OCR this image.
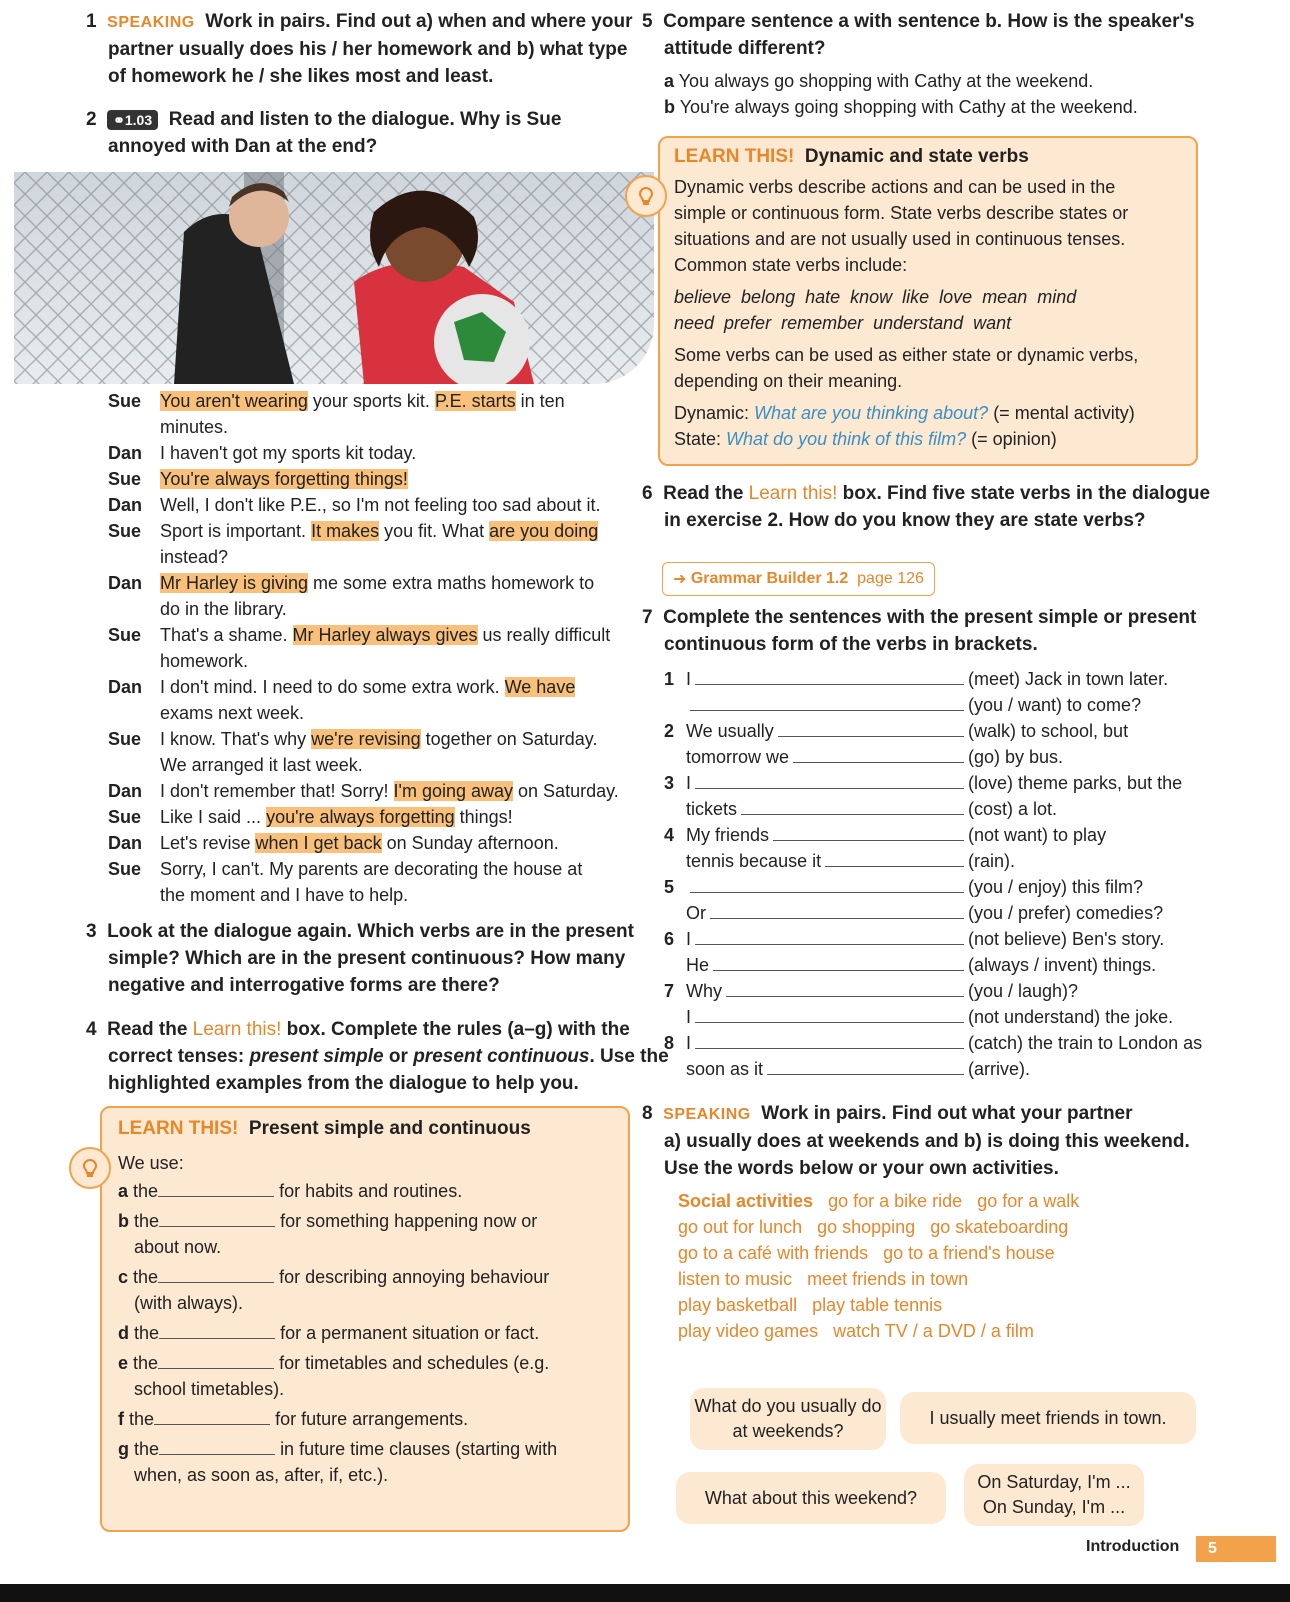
1 SPEAKING Work in pairs. Find out a) when and where your
partner usually does his / her homework and b) what type
of homework he / she likes most and least.
2 ⚭1.03 Read and listen to the dialogue. Why is Sue
annoyed with Dan at the end?
Sue	You aren't wearing your sports kit. P.E. starts in ten
minutes.
Dan I haven't got my sports kit today.
Sue	You're always forgetting things!
Dan Well, I don't like P.E., so I'm not feeling too sad about it.
Sue	Sport is important. It makes you fit. What are you doing
instead?
Dan Mr Harley is giving me some extra maths homework to
do in the library.
Sue	That's a shame. Mr Harley always gives us really difficult
homework.
Dan I don't mind. I need to do some extra work. We have
exams next week.
Sue	I know. That's why we're revising together on Saturday.
We arranged it last week.
Dan I don't remember that! Sorry! I'm going away on Saturday.
Sue	Like I said ... you're always forgetting things!
Dan Let's revise when I get back on Sunday afternoon.
Sue	Sorry, I can't. My parents are decorating the house at
the moment and I have to help.
3 Look at the dialogue again. Which verbs are in the present
simple? Which are in the present continuous? How many
negative and interrogative forms are there?
4 Read the Learn this! box. Complete the rules (a–g) with the
correct tenses: present simple or present continuous. Use the
highlighted examples from the dialogue to help you.
LEARN THIS! Present simple and continuous
We use:
a the	for habits and routines.
b the	for something happening now or
about now.
c the	for describing annoying behaviour
(with always).
d the	for a permanent situation or fact.
e the	for timetables and schedules (e.g.
school timetables).
f the	for future arrangements.
g the	in future time clauses (starting with
when, as soon as, after, if, etc.).
5 Compare sentence a with sentence b. How is the speaker's
attitude different?
a You always go shopping with Cathy at the weekend.
b You're always going shopping with Cathy at the weekend.
LEARN THIS! Dynamic and state verbs
Dynamic verbs describe actions and can be used in the
simple or continuous form. State verbs describe states or
situations and are not usually used in continuous tenses.
Common state verbs include:
believe  belong  hate  know  like  love  mean  mind
need  prefer  remember  understand  want
Some verbs can be used as either state or dynamic verbs,
depending on their meaning.
Dynamic: What are you thinking about? (= mental activity)
State: What do you think of this film? (= opinion)
6 Read the Learn this! box. Find five state verbs in the dialogue
in exercise 2. How do you know they are state verbs?
➜ Grammar Builder 1.2
page 126
7 Complete the sentences with the present simple or present
continuous form of the verbs in brackets.
1 I	(meet) Jack in town later.
(you / want) to come?
2 We usually	(walk) to school, but
tomorrow we	(go) by bus.
3 I	(love) theme parks, but the
tickets	(cost) a lot.
4 My friends	(not want) to play
tennis because it	(rain).
5	(you / enjoy) this film?
Or	(you / prefer) comedies?
6 I	(not believe) Ben's story.
He	(always / invent) things.
7 Why	(you / laugh)?
I	(not understand) the joke.
8 I	(catch) the train to London as
soon as it	(arrive).
8 SPEAKING Work in pairs. Find out what your partner
a) usually does at weekends and b) is doing this weekend.
Use the words below or your own activities.
Social activities go for a bike ride go for a walk
go out for lunch go shopping go skateboarding
go to a café with friends go to a friend's house
listen to music meet friends in town
play basketball play table tennis
play video games watch TV / a DVD / a film
What do you usually do at weekends?
I usually meet friends in town.
What about this weekend?
On Saturday, I'm ...
On Sunday, I'm ...
Introduction	5
